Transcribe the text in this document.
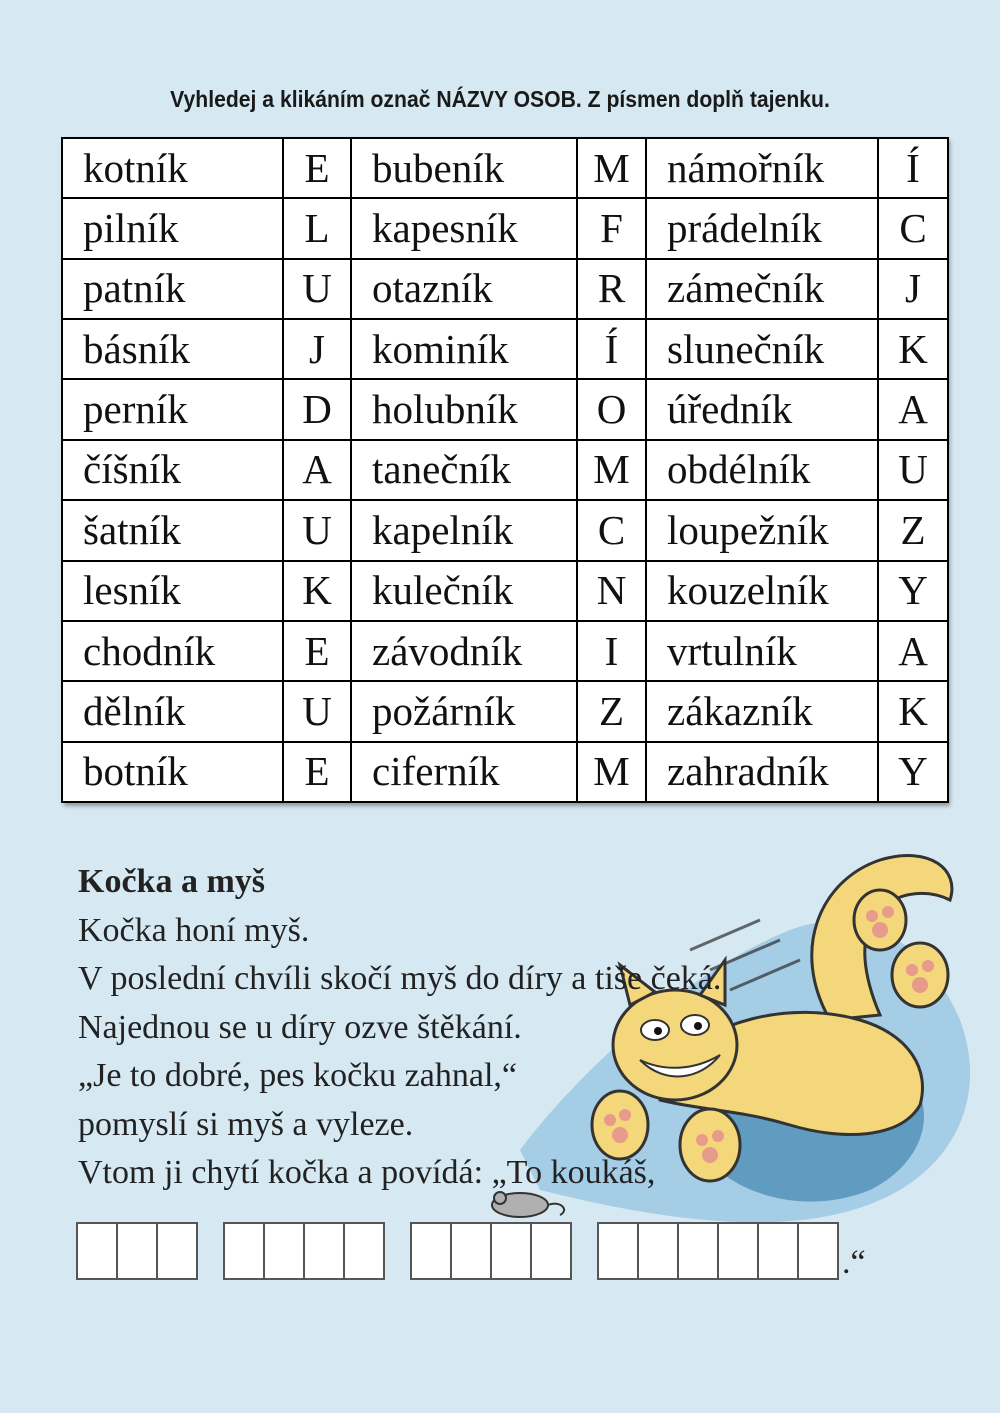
Vyhledej a klikáním označ NÁZVY OSOB. Z písmen doplň tajenku.
kotník	E	bubeník	M	námořník	Í
pilník	L	kapesník	F	prádelník	C
patník	U	otazník	R	zámečník	J
básník	J	kominík	Í	slunečník	K
perník	D	holubník	O	úředník	A
číšník	A	tanečník	M	obdélník	U
šatník	U	kapelník	C	loupežník	Z
lesník	K	kulečník	N	kouzelník	Y
chodník	E	závodník	I	vrtulník	A
dělník	U	požárník	Z	zákazník	K
botník	E	ciferník	M	zahradník	Y
Kočka a myš
Kočka honí myš.
V poslední chvíli skočí myš do díry a tiše čeká.
Najednou se u díry ozve štěkání.
„Je to dobré, pes kočku zahnal,“
pomyslí si myš a vyleze.
Vtom ji chytí kočka a povídá: „To koukáš,
.“
